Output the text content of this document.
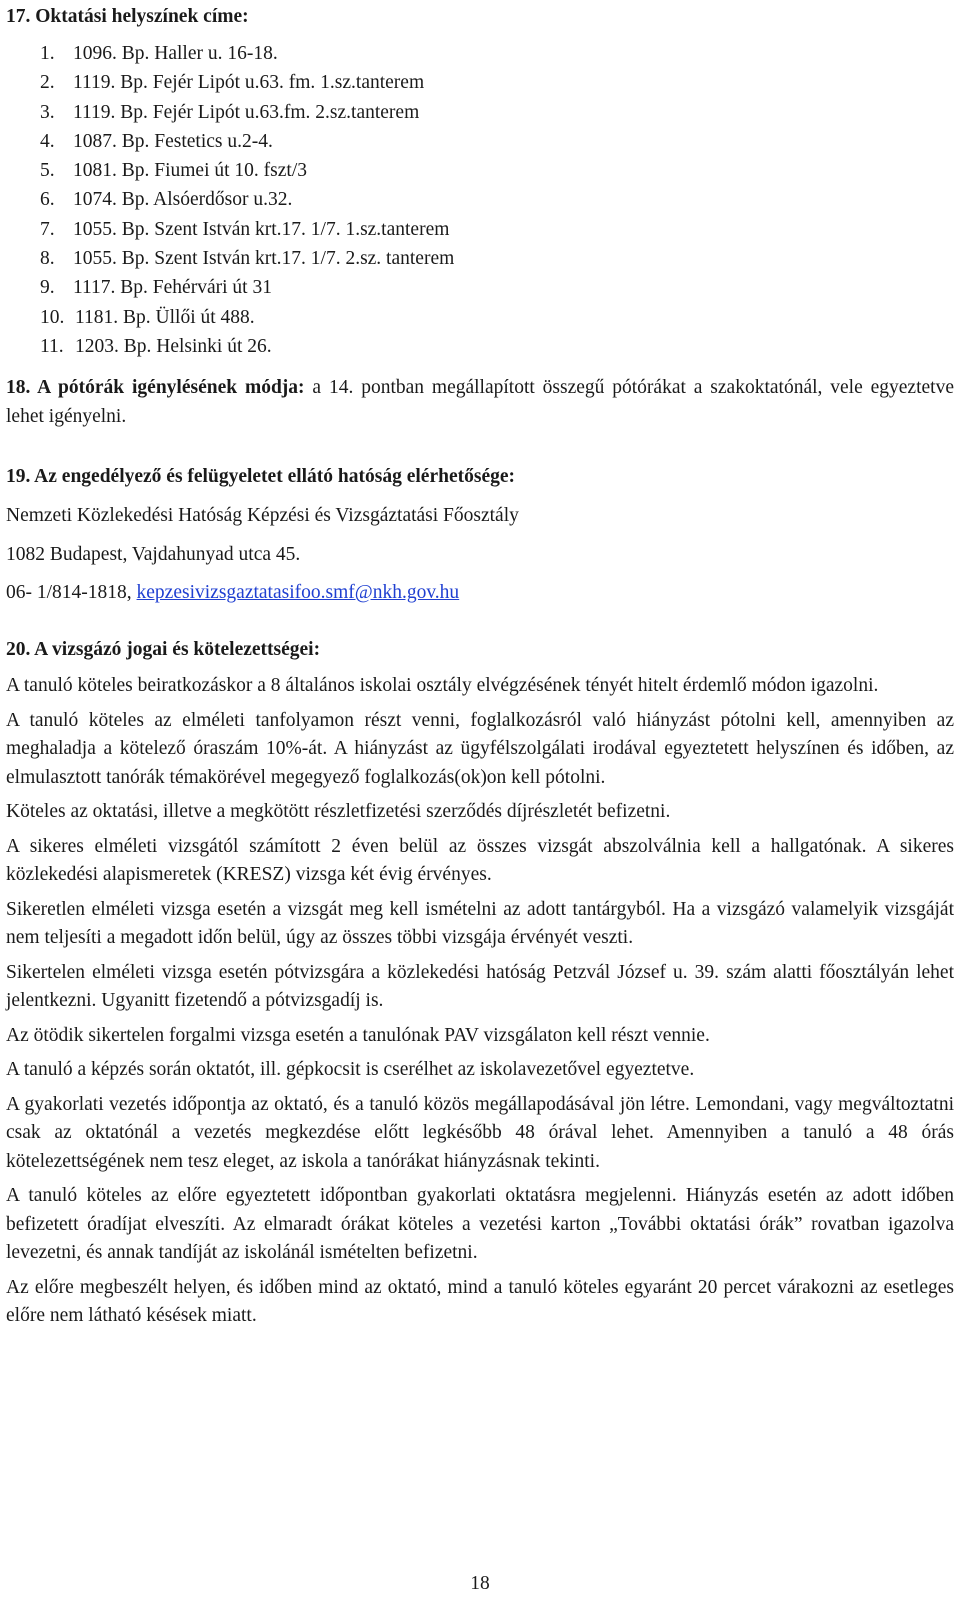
17. Oktatási helyszínek címe:

1. 1096. Bp. Haller u. 16-18.
2. 1119. Bp. Fejér Lipót u.63. fm. 1.sz.tanterem
3. 1119. Bp. Fejér Lipót u.63.fm. 2.sz.tanterem
4. 1087. Bp. Festetics u.2-4.
5. 1081. Bp. Fiumei út 10. fszt/3
6. 1074. Bp. Alsóerdősor u.32.
7. 1055. Bp. Szent István krt.17. 1/7. 1.sz.tanterem
8. 1055. Bp. Szent István krt.17. 1/7. 2.sz. tanterem
9. 1117. Bp. Fehérvári út 31
10. 1181. Bp. Üllői út 488.
11. 1203. Bp. Helsinki út 26.

18. A pótórák igénylésének módja: a 14. pontban megállapított összegű pótórákat a szakoktatónál, vele egyeztetve lehet igényelni.

19. Az engedélyező és felügyeletet ellátó hatóság elérhetősége:

Nemzeti Közlekedési Hatóság Képzési és Vizsgáztatási Főosztály

1082 Budapest, Vajdahunyad utca 45.

06- 1/814-1818, kepzesivizsgaztatasifoo.smf@nkh.gov.hu

20. A vizsgázó jogai és kötelezettségei:

A tanuló köteles beiratkozáskor a 8 általános iskolai osztály elvégzésének tényét hitelt érdemlő módon igazolni.

A tanuló köteles az elméleti tanfolyamon részt venni, foglalkozásról való hiányzást pótolni kell, amennyiben az meghaladja a kötelező óraszám 10%-át. A hiányzást az ügyfélszolgálati irodával egyeztetett helyszínen és időben, az elmulasztott tanórák témakörével megegyező foglalkozás(ok)on kell pótolni.

Köteles az oktatási, illetve a megkötött részletfizetési szerződés díjrészletét befizetni.

A sikeres elméleti vizsgától számított 2 éven belül az összes vizsgát abszolválnia kell a hallgatónak. A sikeres közlekedési alapismeretek (KRESZ) vizsga két évig érvényes.

Sikeretlen elméleti vizsga esetén a vizsgát meg kell ismételni az adott tantárgyból. Ha a vizsgázó valamelyik vizsgáját nem teljesíti a megadott időn belül, úgy az összes többi vizsgája érvényét veszti.

Sikertelen elméleti vizsga esetén pótvizsgára a közlekedési hatóság Petzvál József u. 39. szám alatti főosztályán lehet jelentkezni. Ugyanitt fizetendő a pótvizsgadíj is.

Az ötödik sikertelen forgalmi vizsga esetén a tanulónak PAV vizsgálaton kell részt vennie.

A tanuló a képzés során oktatót, ill. gépkocsit is cserélhet az iskolavezetővel egyeztetve.

A gyakorlati vezetés időpontja az oktató, és a tanuló közös megállapodásával jön létre. Lemondani, vagy megváltoztatni csak az oktatónál a vezetés megkezdése előtt legkésőbb 48 órával lehet. Amennyiben a tanuló a 48 órás kötelezettségének nem tesz eleget, az iskola a tanórákat hiányzásnak tekinti.

A tanuló köteles az előre egyeztetett időpontban gyakorlati oktatásra megjelenni. Hiányzás esetén az adott időben befizetett óradíjat elveszíti. Az elmaradt órákat köteles a vezetési karton „További oktatási órák” rovatban igazolva levezetni, és annak tandíját az iskolánál ismételten befizetni.

Az előre megbeszélt helyen, és időben mind az oktató, mind a tanuló köteles egyaránt 20 percet várakozni az esetleges előre nem látható késések miatt.

18
